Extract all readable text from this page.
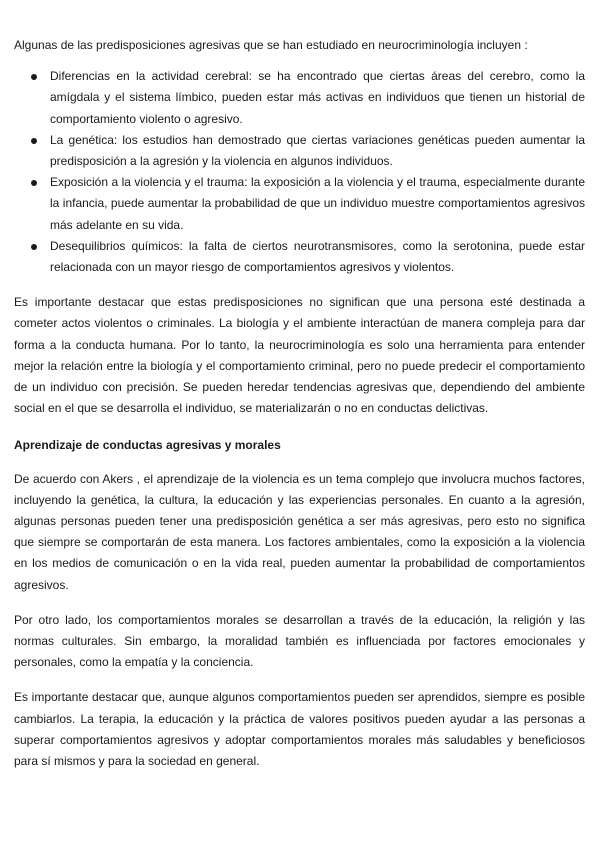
Algunas de las predisposiciones agresivas que se han estudiado en neurocriminología incluyen :

Diferencias en la actividad cerebral: se ha encontrado que ciertas áreas del cerebro, como la amígdala y el sistema límbico, pueden estar más activas en individuos que tienen un historial de comportamiento violento o agresivo.
La genética: los estudios han demostrado que ciertas variaciones genéticas pueden aumentar la predisposición a la agresión y la violencia en algunos individuos.
Exposición a la violencia y el trauma: la exposición a la violencia y el trauma, especialmente durante la infancia, puede aumentar la probabilidad de que un individuo muestre comportamientos agresivos más adelante en su vida.
Desequilibrios químicos: la falta de ciertos neurotransmisores, como la serotonina, puede estar relacionada con un mayor riesgo de comportamientos agresivos y violentos.

Es importante destacar que estas predisposiciones no significan que una persona esté destinada a cometer actos violentos o criminales. La biología y el ambiente interactúan de manera compleja para dar forma a la conducta humana. Por lo tanto, la neurocriminología es solo una herramienta para entender mejor la relación entre la biología y el comportamiento criminal, pero no puede predecir el comportamiento de un individuo con precisión. Se pueden heredar tendencias agresivas que, dependiendo del ambiente social en el que se desarrolla el individuo, se materializarán o no en conductas delictivas.

Aprendizaje de conductas agresivas y morales

De acuerdo con Akers , el aprendizaje de la violencia es un tema complejo que involucra muchos factores, incluyendo la genética, la cultura, la educación y las experiencias personales. En cuanto a la agresión, algunas personas pueden tener una predisposición genética a ser más agresivas, pero esto no significa que siempre se comportarán de esta manera. Los factores ambientales, como la exposición a la violencia en los medios de comunicación o en la vida real, pueden aumentar la probabilidad de comportamientos agresivos.

Por otro lado, los comportamientos morales se desarrollan a través de la educación, la religión y las normas culturales. Sin embargo, la moralidad también es influenciada por factores emocionales y personales, como la empatía y la conciencia.

Es importante destacar que, aunque algunos comportamientos pueden ser aprendidos, siempre es posible cambiarlos. La terapia, la educación y la práctica de valores positivos pueden ayudar a las personas a superar comportamientos agresivos y adoptar comportamientos morales más saludables y beneficiosos para sí mismos y para la sociedad en general.
